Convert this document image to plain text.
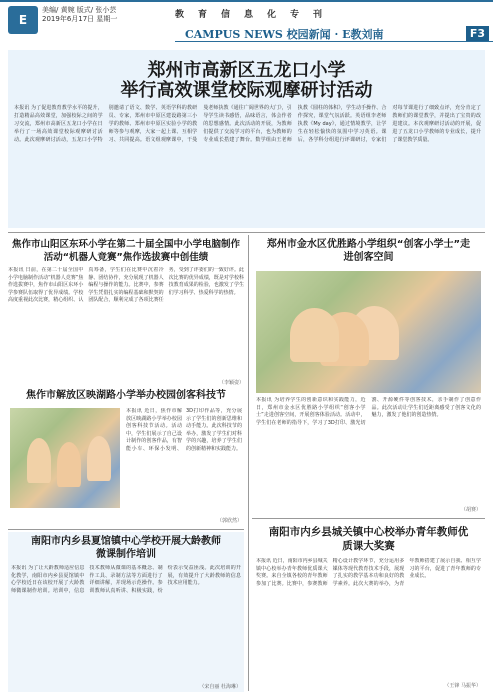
E
美编/ 黄婉 版式/ 张小芸
2019年6月17日 星期一	教育信息化专刊
CAMPUS NEWS 校园新闻 · E教刘南	F3
郑州市高新区五龙口小学
举行高效课堂校际观摩研讨活动
本报讯 为了促进教育教学水平的提升，打造精品高效课堂，加强校际之间的学习交流，郑州市高新区五龙口小学在日举行了一场高效课堂校际观摩研讨活动。此次观摩研讨活动，五龙口小学特别邀请了语文、数学、英语学科的教研员、专家，郑州市中原区建设路第三小学的教师、郑州市中原区实验小学的教师等参与观摩，大家一起上课、互相学习、共同提高。语文组观摩课中，干曼曼老师执教《通往广阔世界的大门》，引导学生读书感悟，品味语言，体会作者的思想感情。此次活动的开展，为教师们提供了交流学习的平台，也为教师的专业成长搭建了舞台。数学组由王老师执教《圆柱的体积》，学生动手操作、合作探究，课堂气氛活跃。英语组李老师执教《My day》，通过情境教学，让学生在轻松愉快的氛围中学习英语。课后，各学科分组进行评课研讨，专家们对每节课进行了细致点评，充分肯定了教师们的课堂教学，并提出了宝贵的改进建议。本次观摩研讨活动的开展，促进了五龙口小学教师的专业成长，提升了课堂教学质量。
焦作市山阳区东环小学在第二十届全国中小学电脑制作活动“机器人竞赛”焦作选拔赛中创佳绩
本报讯 日前，在第二十届全国中小学电脑制作活动“机器人竞赛”焦作选拔赛中，焦作市山阳区东环小学参赛队伍取得了优异成绩。学校高度重视此次比赛，精心组织、认真筹备，学生们在比赛中沉着冷静、团结协作，充分展现了机器人编程与操作的能力。比赛中，参赛学生凭借扎实的编程基础和默契的团队配合，顺利完成了各项比赛任务，受到了评委们的一致好评。此次比赛的优异成绩，既是对学校科技教育成果的检验，也激发了学生们学习科学、热爱科学的热情。
（李颖姿）
焦作市解放区映湖路小学举办校园创客科技节
本报讯 近日，焦作市解放区映湖路小学举办校园创客科技节活动。活动中，学生们展示了自己设计制作的创客作品，有智能小车、环保小发明、3D打印作品等，充分展示了学生们的创新思维和动手能力。此次科技节的举办，激发了学生们对科学的兴趣，培养了学生们的创新精神和实践能力。
（郭欣然）
南阳市内乡县夏馆镇中心学校开展大龄教师微课制作培训
本报讯 为了让大龄教师适应信息化教学，南阳市内乡县夏馆镇中心学校近日在该校开展了大龄教师微课制作培训。培训中，信息技术教师从微课的基本概念、制作工具、录制方法等方面进行了详细讲解，并现场示范操作。参训教师认真听讲、积极实践，纷纷表示受益匪浅。此次培训的开展，有效提升了大龄教师的信息技术应用能力。
（宋自丽 杜海琳）
郑州市金水区优胜路小学组织“创客小学士”走进创客空间
本报讯 为培养学生的创新意识和实践能力，近日，郑州市金水区优胜路小学组织“创客小学士”走进创客空间，开展创客体验活动。活动中，学生们在老师的指导下，学习了3D打印、激光切割、开源硬件等创客技术，亲手制作了创意作品。此次活动让学生们近距离感受了创客文化的魅力，激发了他们的创造热情。
（胡赛）
南阳市内乡县城关镇中心校举办青年教师优质课大奖赛
本报讯 近日，南阳市内乡县城关镇中心校举办青年教师优质课大奖赛。来自全镇各校的青年教师参加了比赛。比赛中，参赛教师精心设计教学环节，充分运用多媒体等现代教育技术手段，展现了扎实的教学基本功和良好的教学素养。此次大赛的举办，为青年教师搭建了展示自我、相互学习的平台，促进了青年教师的专业成长。
（王锋 马振华）
